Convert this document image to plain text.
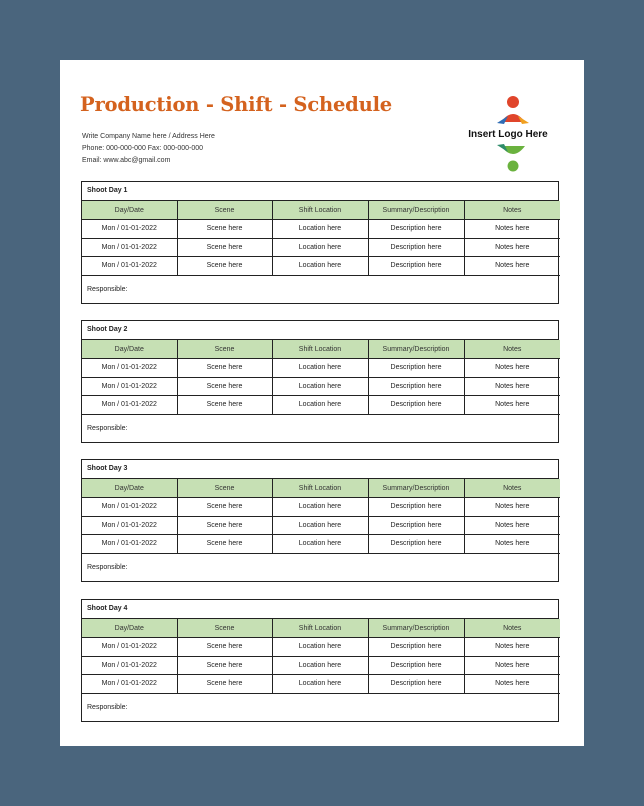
Production - Shift - Schedule
Write Company Name here / Address Here
Phone: 000-000-000 Fax: 000-000-000
Email: www.abc@gmail.com
Insert Logo Here
Shoot Day 1
Day/Date	Scene	Shift Location	Summary/Description	Notes
Mon / 01-01-2022	Scene here	Location here	Description here	Notes here
Mon / 01-01-2022	Scene here	Location here	Description here	Notes here
Mon / 01-01-2022	Scene here	Location here	Description here	Notes here
Responsible:
Shoot Day 2
Day/Date	Scene	Shift Location	Summary/Description	Notes
Mon / 01-01-2022	Scene here	Location here	Description here	Notes here
Mon / 01-01-2022	Scene here	Location here	Description here	Notes here
Mon / 01-01-2022	Scene here	Location here	Description here	Notes here
Responsible:
Shoot Day 3
Day/Date	Scene	Shift Location	Summary/Description	Notes
Mon / 01-01-2022	Scene here	Location here	Description here	Notes here
Mon / 01-01-2022	Scene here	Location here	Description here	Notes here
Mon / 01-01-2022	Scene here	Location here	Description here	Notes here
Responsible:
Shoot Day 4
Day/Date	Scene	Shift Location	Summary/Description	Notes
Mon / 01-01-2022	Scene here	Location here	Description here	Notes here
Mon / 01-01-2022	Scene here	Location here	Description here	Notes here
Mon / 01-01-2022	Scene here	Location here	Description here	Notes here
Responsible:
